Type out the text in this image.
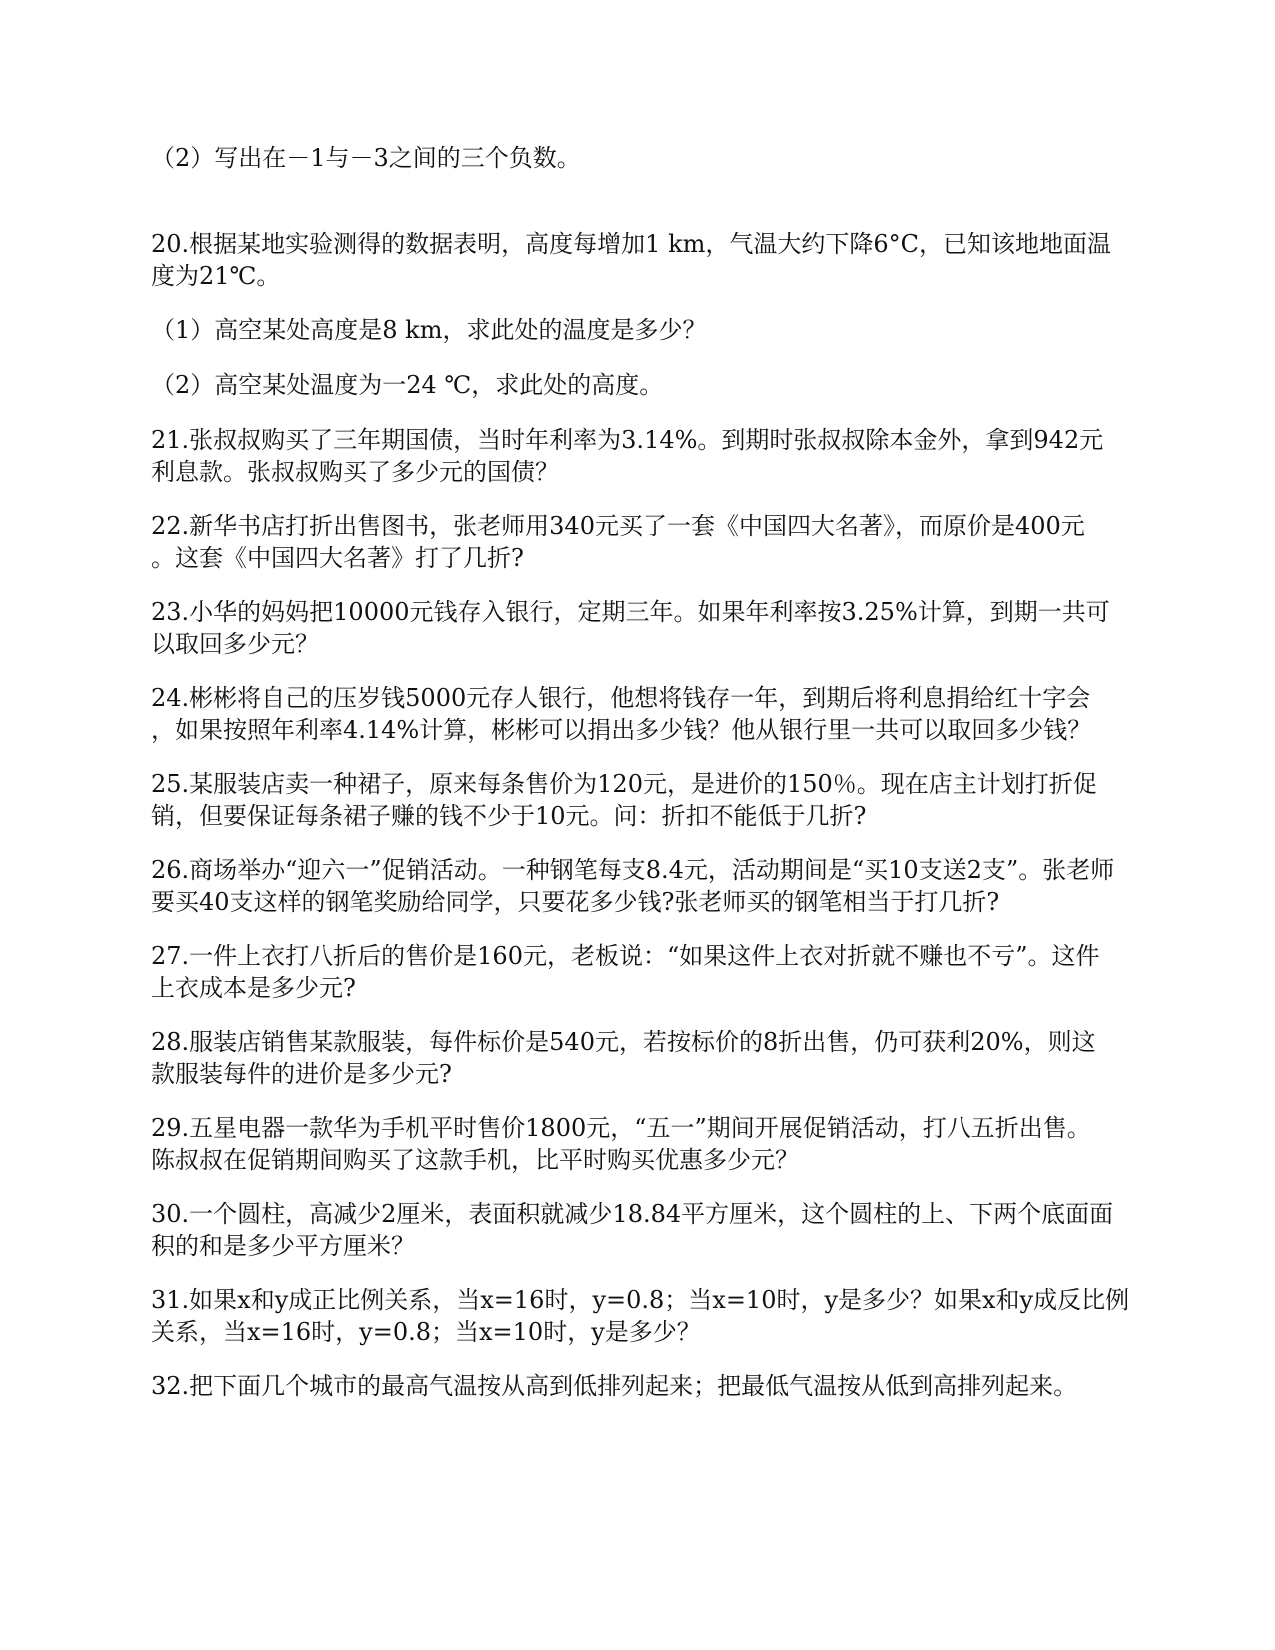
（2）写出在－1与－3之间的三个负数。
20.根据某地实验测得的数据表明，高度每增加1 km，气温大约下降6°C，已知该地地面温
度为21℃。
（1）高空某处高度是8 km，求此处的温度是多少？
（2）高空某处温度为一24 ℃，求此处的高度。
21.张叔叔购买了三年期国债，当时年利率为3.14%。到期时张叔叔除本金外，拿到942元
利息款。张叔叔购买了多少元的国债？
22.新华书店打折出售图书，张老师用340元买了一套《中国四大名著》，而原价是400元
。这套《中国四大名著》打了几折?
23.小华的妈妈把10000元钱存入银行，定期三年。如果年利率按3.25%计算，到期一共可
以取回多少元？
24.彬彬将自己的压岁钱5000元存人银行，他想将钱存一年，到期后将利息捐给红十字会
，如果按照年利率4.14%计算，彬彬可以捐出多少钱？他从银行里一共可以取回多少钱？
25.某服装店卖一种裙子，原来每条售价为120元，是进价的150％。现在店主计划打折促
销，但要保证每条裙子赚的钱不少于10元。问：折扣不能低于几折?
26.商场举办“迎六一”促销活动。一种钢笔每支8.4元，活动期间是“买10支送2支”。张老师
要买40支这样的钢笔奖励给同学，只要花多少钱?张老师买的钢笔相当于打几折?
27.一件上衣打八折后的售价是160元，老板说：“如果这件上衣对折就不赚也不亏”。这件
上衣成本是多少元?
28.服装店销售某款服装，每件标价是540元，若按标价的8折出售，仍可获利20%，则这
款服装每件的进价是多少元?
29.五星电器一款华为手机平时售价1800元，“五一”期间开展促销活动，打八五折出售。
陈叔叔在促销期间购买了这款手机，比平时购买优惠多少元？
30.一个圆柱，高减少2厘米，表面积就减少18.84平方厘米，这个圆柱的上、下两个底面面
积的和是多少平方厘米？
31.如果x和y成正比例关系，当x=16时，y=0.8；当x=10时，y是多少？如果x和y成反比例
关系，当x=16时，y=0.8；当x=10时，y是多少？
32.把下面几个城市的最高气温按从高到低排列起来；把最低气温按从低到高排列起来。
